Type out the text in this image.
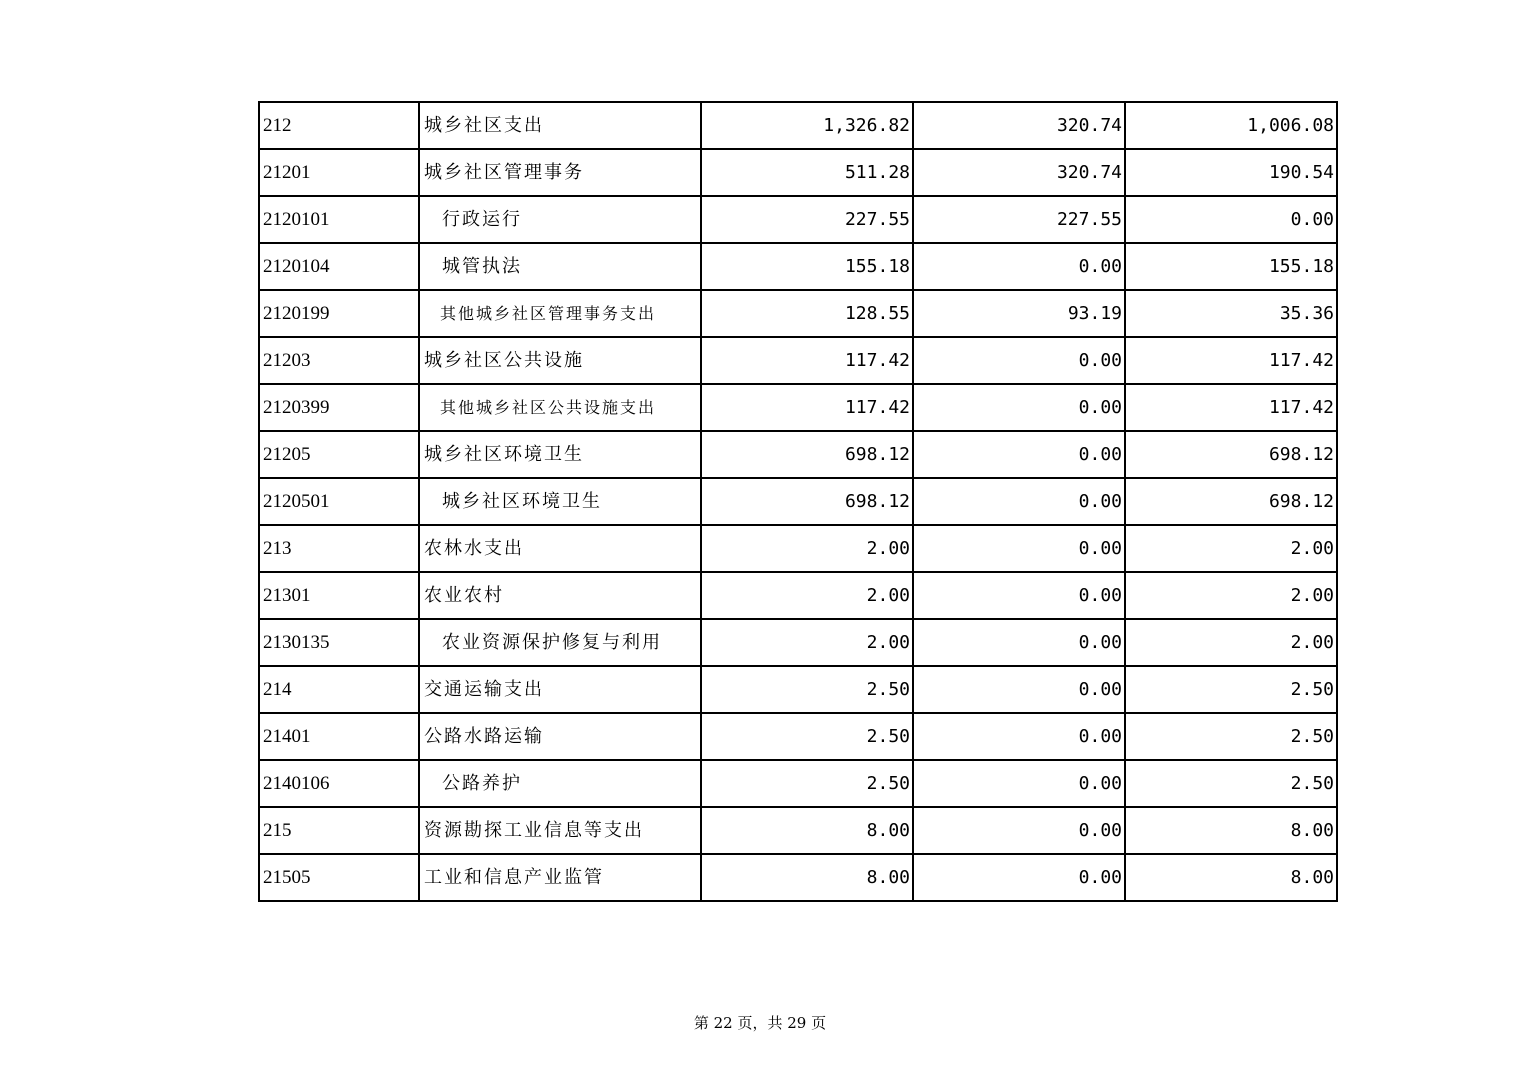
212	城乡社区支出	1,326.82	320.74	1,006.08
21201	城乡社区管理事务	511.28	320.74	190.54
2120101	行政运行	227.55	227.55	0.00
2120104	城管执法	155.18	0.00	155.18
2120199	其他城乡社区管理事务支出	128.55	93.19	35.36
21203	城乡社区公共设施	117.42	0.00	117.42
2120399	其他城乡社区公共设施支出	117.42	0.00	117.42
21205	城乡社区环境卫生	698.12	0.00	698.12
2120501	城乡社区环境卫生	698.12	0.00	698.12
213	农林水支出	2.00	0.00	2.00
21301	农业农村	2.00	0.00	2.00
2130135	农业资源保护修复与利用	2.00	0.00	2.00
214	交通运输支出	2.50	0.00	2.50
21401	公路水路运输	2.50	0.00	2.50
2140106	公路养护	2.50	0.00	2.50
215	资源勘探工业信息等支出	8.00	0.00	8.00
21505	工业和信息产业监管	8.00	0.00	8.00
第 22 页，共 29 页
